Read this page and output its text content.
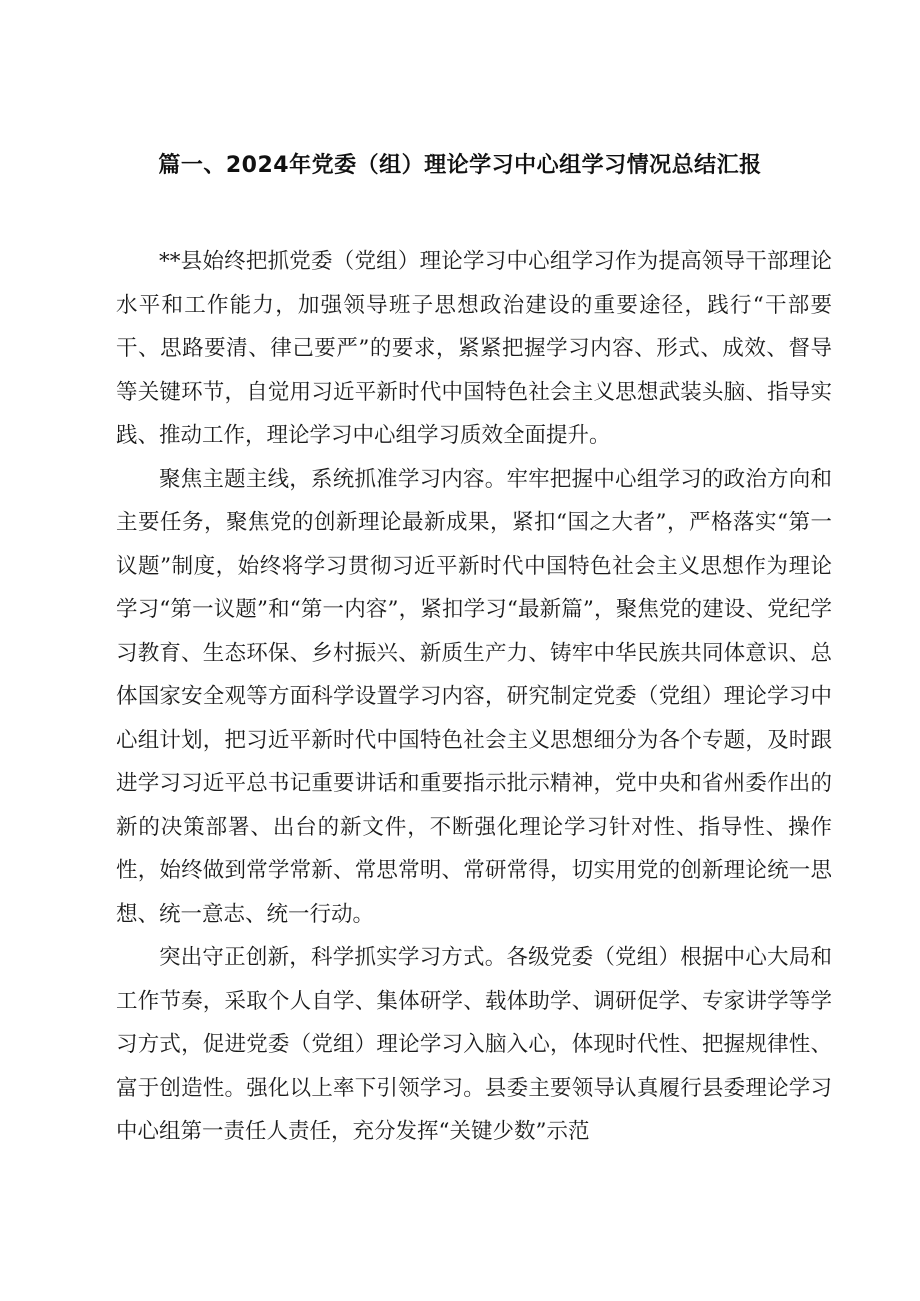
篇一、2024年党委（组）理论学习中心组学习情况总结汇报

**县始终把抓党委（党组）理论学习中心组学习作为提高领导干部理论水平和工作能力，加强领导班子思想政治建设的重要途径，践行“干部要干、思路要清、律己要严”的要求，紧紧把握学习内容、形式、成效、督导等关键环节，自觉用习近平新时代中国特色社会主义思想武装头脑、指导实践、推动工作，理论学习中心组学习质效全面提升。

聚焦主题主线，系统抓准学习内容。牢牢把握中心组学习的政治方向和主要任务，聚焦党的创新理论最新成果，紧扣“国之大者”，严格落实“第一议题”制度，始终将学习贯彻习近平新时代中国特色社会主义思想作为理论学习“第一议题”和“第一内容”，紧扣学习“最新篇”，聚焦党的建设、党纪学习教育、生态环保、乡村振兴、新质生产力、铸牢中华民族共同体意识、总体国家安全观等方面科学设置学习内容，研究制定党委（党组）理论学习中心组计划，把习近平新时代中国特色社会主义思想细分为各个专题，及时跟进学习习近平总书记重要讲话和重要指示批示精神，党中央和省州委作出的新的决策部署、出台的新文件，不断强化理论学习针对性、指导性、操作性，始终做到常学常新、常思常明、常研常得，切实用党的创新理论统一思想、统一意志、统一行动。

突出守正创新，科学抓实学习方式。各级党委（党组）根据中心大局和工作节奏，采取个人自学、集体研学、载体助学、调研促学、专家讲学等学习方式，促进党委（党组）理论学习入脑入心，体现时代性、把握规律性、富于创造性。强化以上率下引领学习。县委主要领导认真履行县委理论学习中心组第一责任人责任，充分发挥“关键少数”示范
